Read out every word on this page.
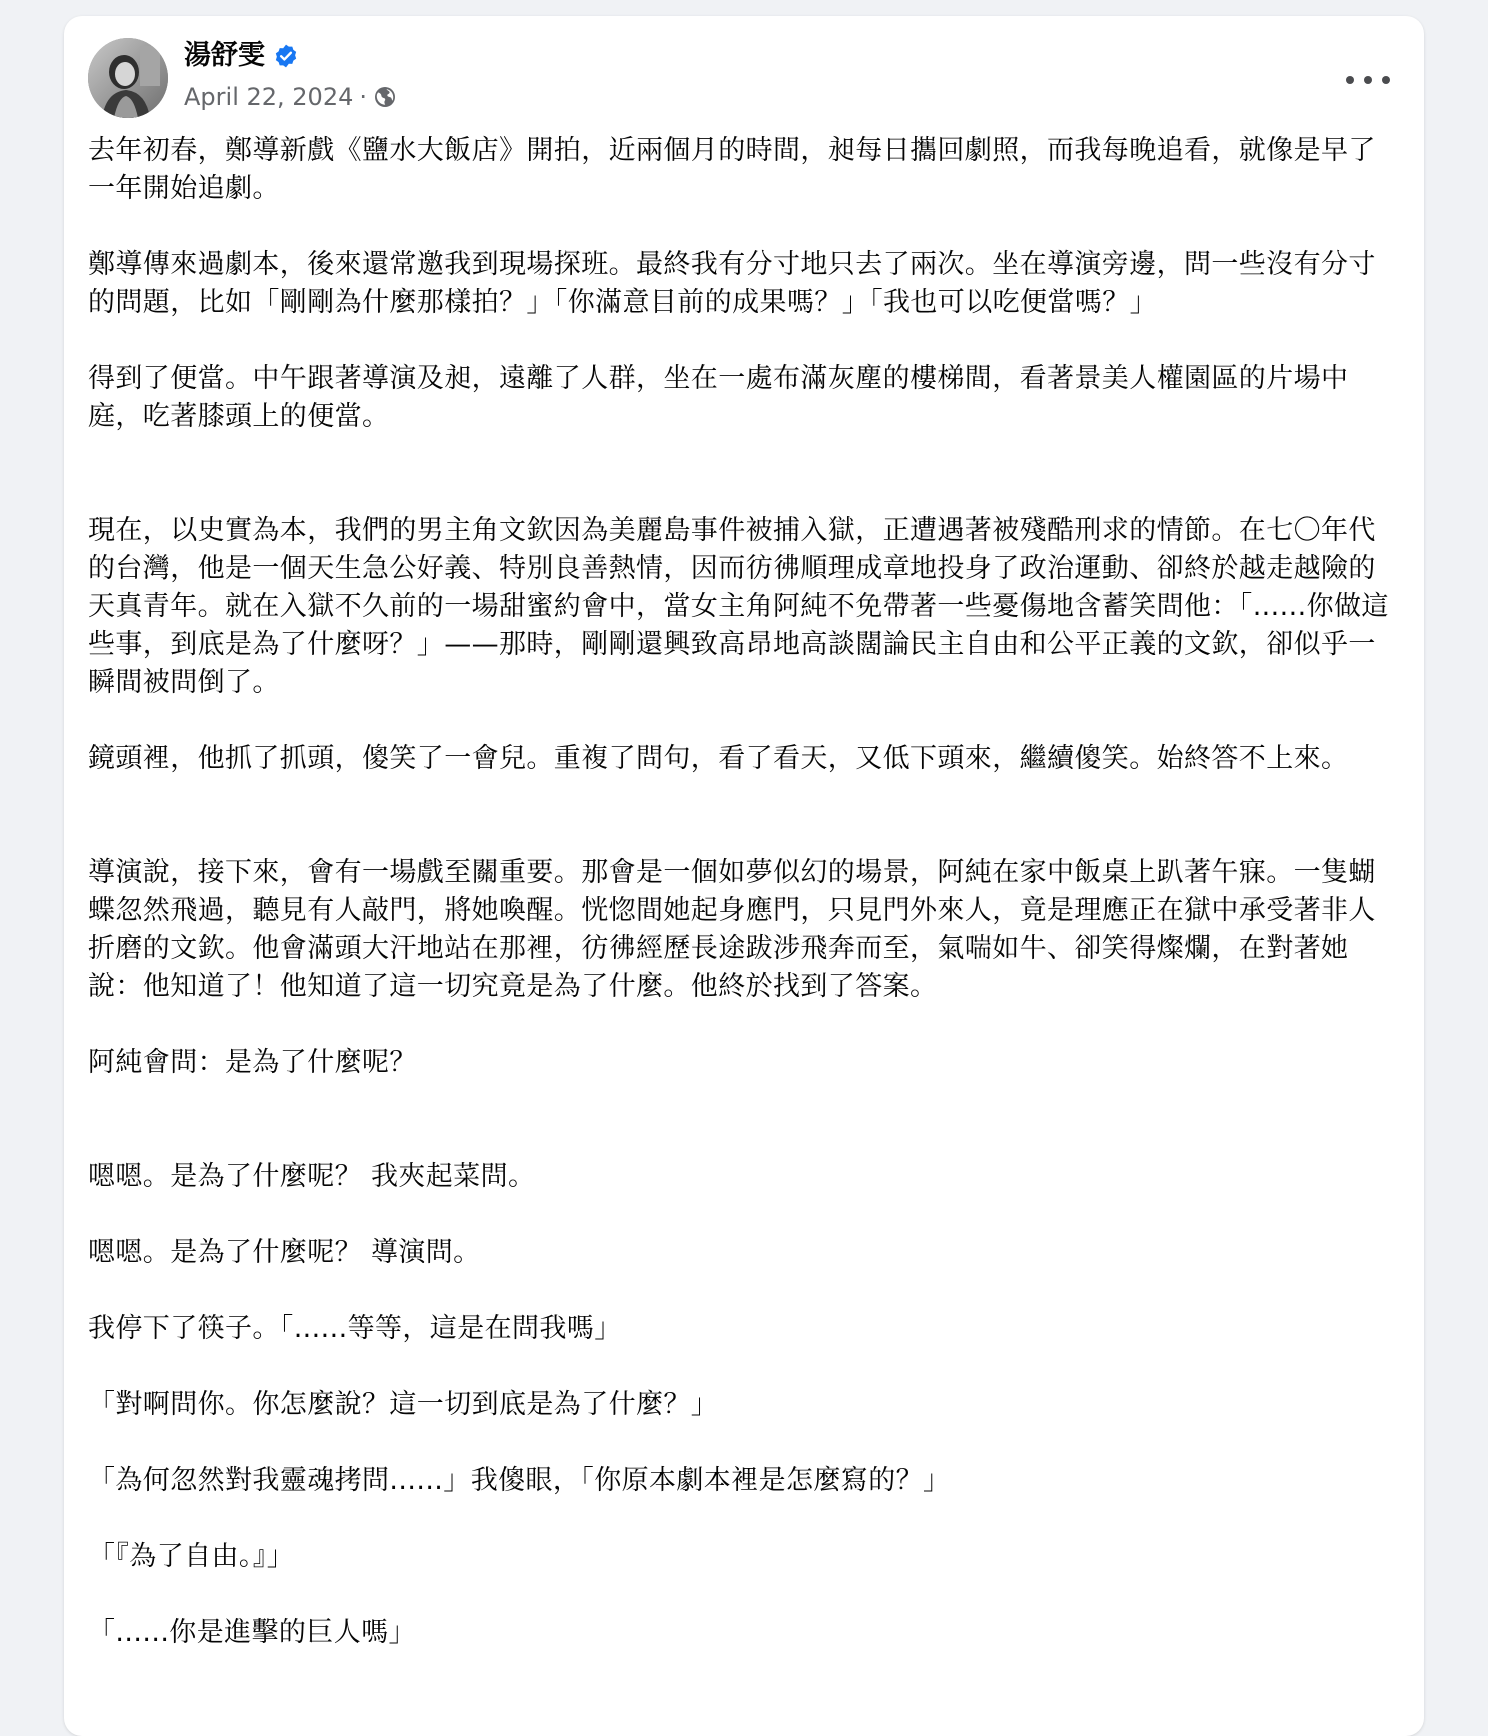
湯舒雯
April 22, 2024 ·

去年初春，鄭導新戲《鹽水大飯店》開拍，近兩個月的時間，昶每日攜回劇照，而我每晚追看，就像是早了一年開始追劇。

鄭導傳來過劇本，後來還常邀我到現場探班。最終我有分寸地只去了兩次。坐在導演旁邊，問一些沒有分寸的問題，比如「剛剛為什麼那樣拍？」「你滿意目前的成果嗎？」「我也可以吃便當嗎？」

得到了便當。中午跟著導演及昶，遠離了人群，坐在一處布滿灰塵的樓梯間，看著景美人權園區的片場中庭，吃著膝頭上的便當。

現在，以史實為本，我們的男主角文欽因為美麗島事件被捕入獄，正遭遇著被殘酷刑求的情節。在七〇年代的台灣，他是一個天生急公好義、特別良善熱情，因而彷彿順理成章地投身了政治運動、卻終於越走越險的天真青年。就在入獄不久前的一場甜蜜約會中，當女主角阿純不免帶著一些憂傷地含蓄笑問他：「......你做這些事，到底是為了什麼呀？」——那時，剛剛還興致高昂地高談闊論民主自由和公平正義的文欽，卻似乎一瞬間被問倒了。

鏡頭裡，他抓了抓頭，傻笑了一會兒。重複了問句，看了看天，又低下頭來，繼續傻笑。始終答不上來。

導演說，接下來，會有一場戲至關重要。那會是一個如夢似幻的場景，阿純在家中飯桌上趴著午寐。一隻蝴蝶忽然飛過，聽見有人敲門，將她喚醒。恍惚間她起身應門，只見門外來人，竟是理應正在獄中承受著非人折磨的文欽。他會滿頭大汗地站在那裡，彷彿經歷長途跋涉飛奔而至，氣喘如牛、卻笑得燦爛，在對著她說：他知道了！他知道了這一切究竟是為了什麼。他終於找到了答案。

阿純會問：是為了什麼呢？

嗯嗯。是為了什麼呢？ 我夾起菜問。

嗯嗯。是為了什麼呢？ 導演問。

我停下了筷子。「......等等，這是在問我嗎」

「對啊問你。你怎麼說？這一切到底是為了什麼？」

「為何忽然對我靈魂拷問......」我傻眼，「你原本劇本裡是怎麼寫的？」

「『為了自由。』」

「......你是進擊的巨人嗎」
